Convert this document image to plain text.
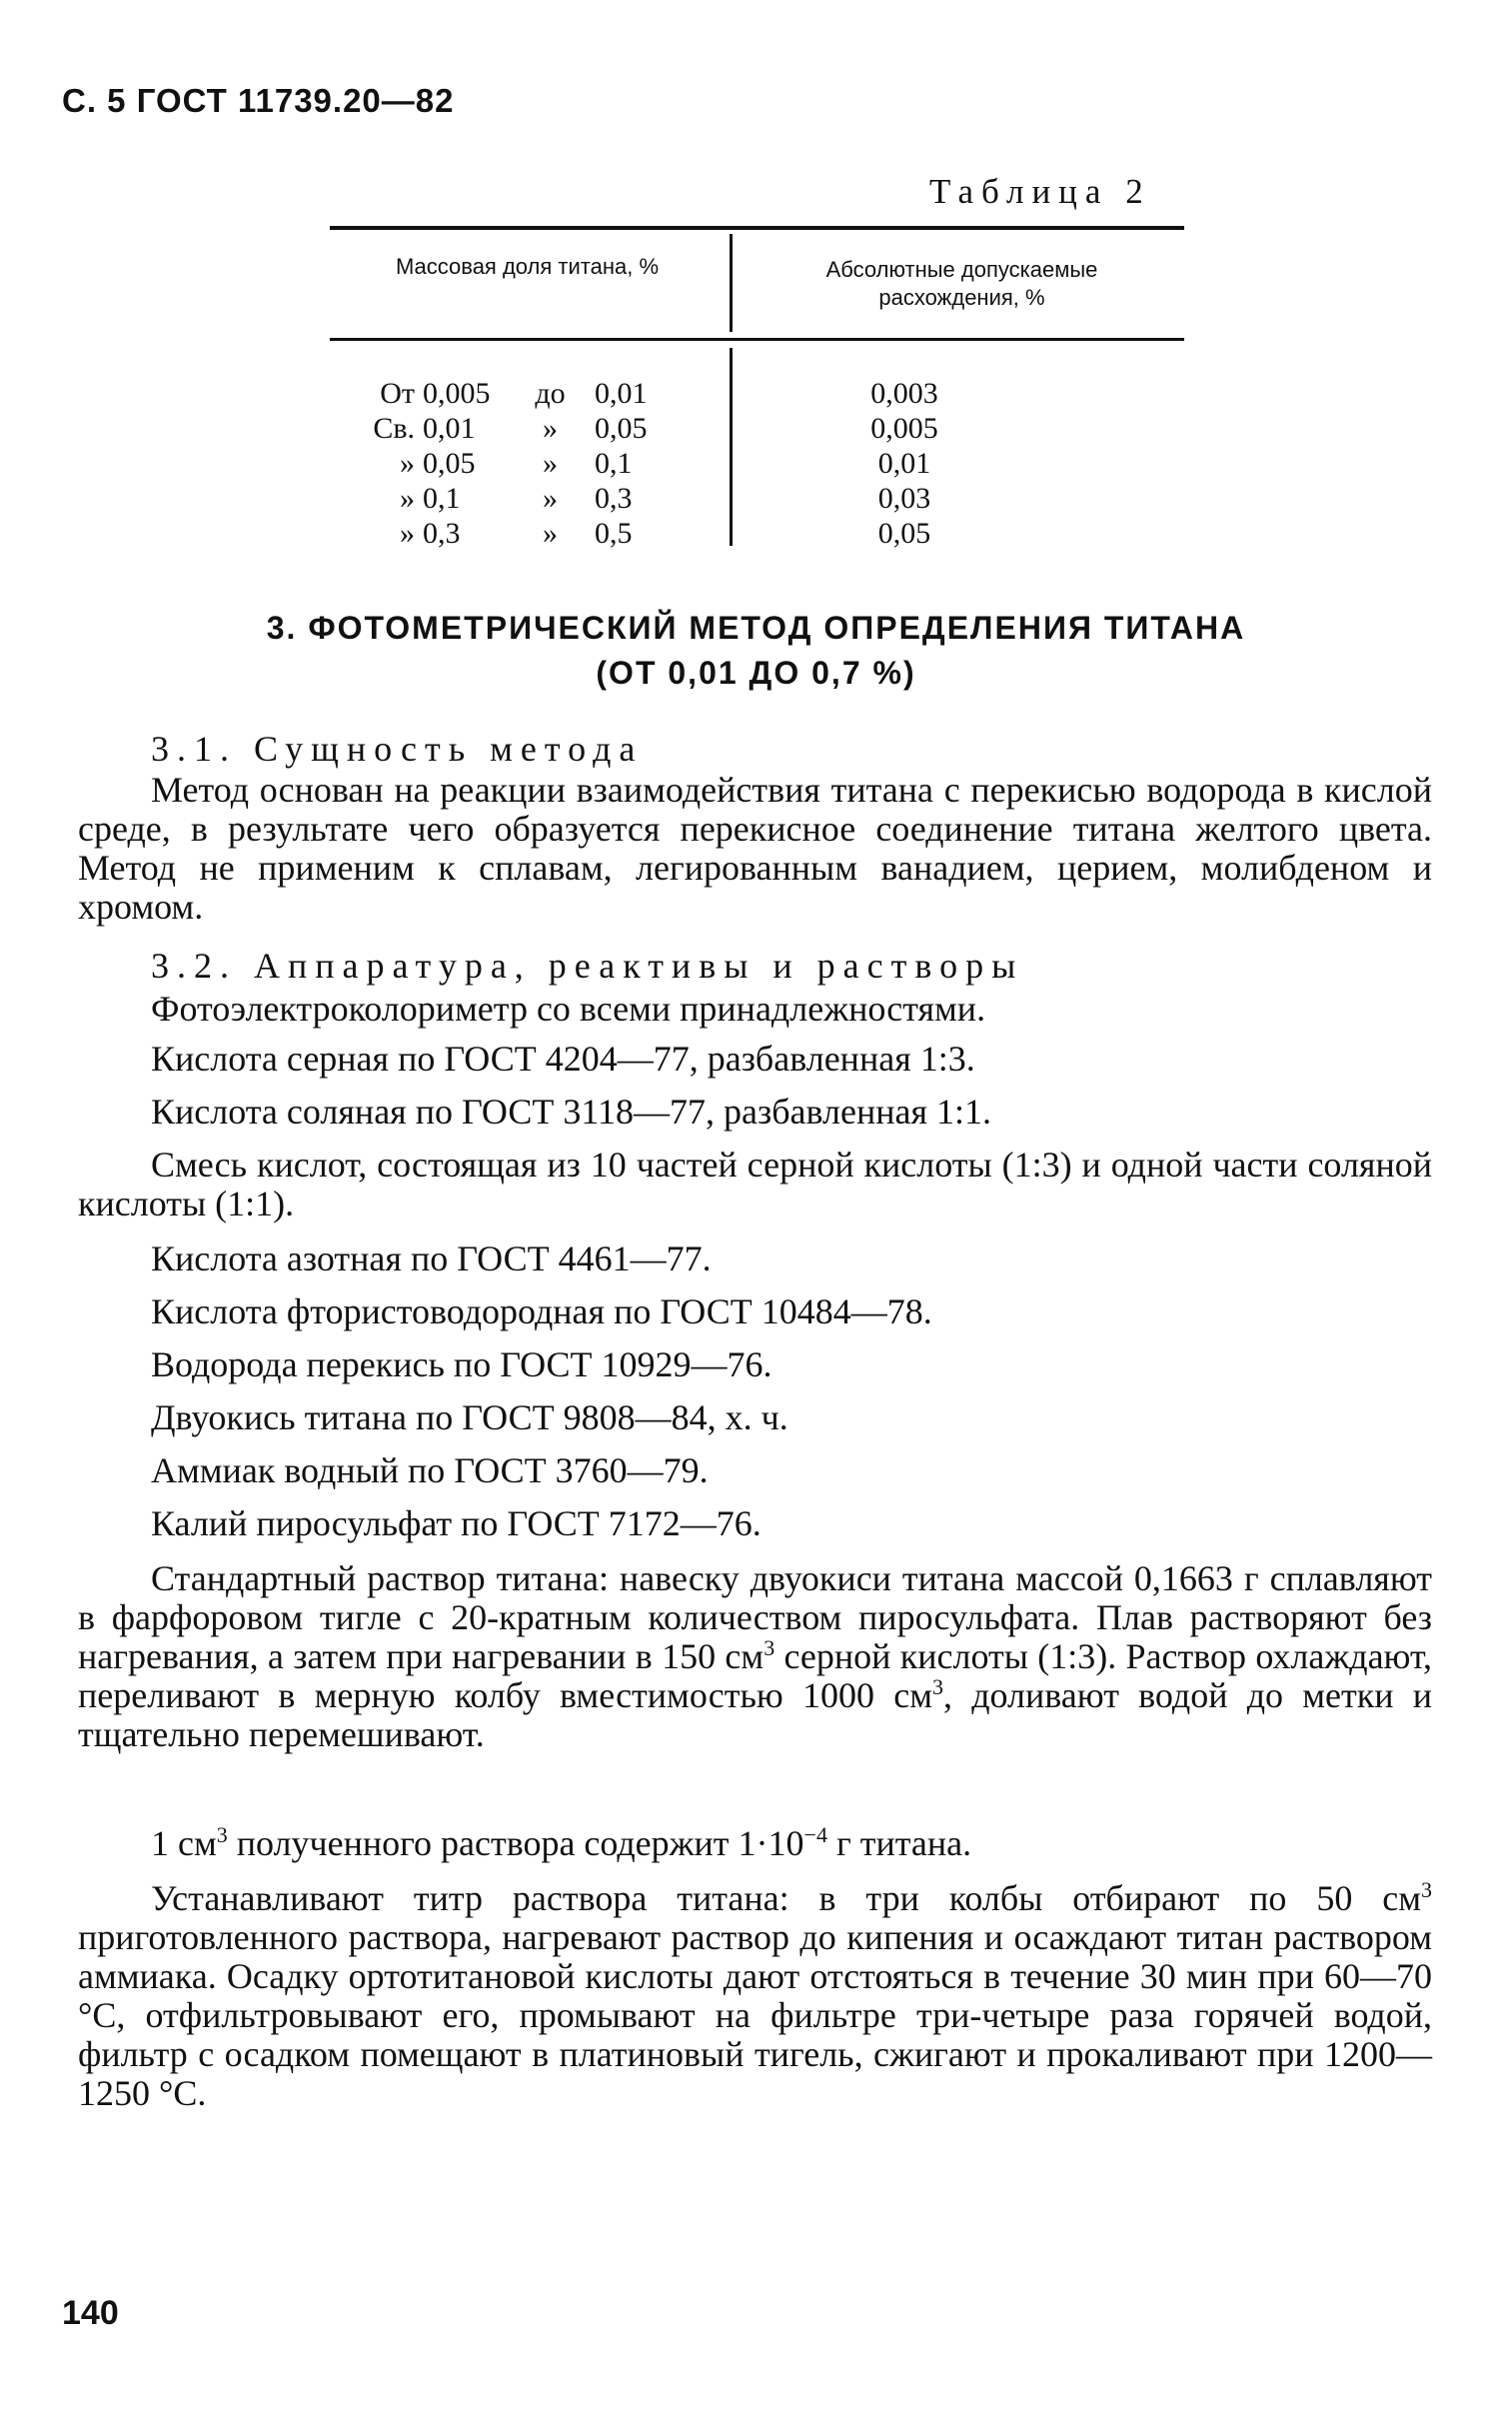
С. 5 ГОСТ 11739.20—82
Таблица 2
Массовая доля титана, %	Абсолютные допускаемые
расхождения, %
От 0,005	до 0,01	0,003
Св. 0,01	»	0,05	0,005
» 0,05	»	0,1	0,01
» 0,1	»	0,3	0,03
» 0,3	»	0,5	0,05
3. ФОТОМЕТРИЧЕСКИЙ МЕТОД ОПРЕДЕЛЕНИЯ ТИТАНА
(ОТ 0,01 ДО 0,7 %)
3.1. Сущность метода
Метод основан на реакции взаимодействия титана с перекисью водорода в кислой среде, в результате чего образуется перекисное соединение титана желтого цвета. Метод не применим к сплавам, легированным ванадием, церием, молибденом и хромом.
3.2. Аппаратура, реактивы и растворы
Фотоэлектроколориметр со всеми принадлежностями.
Кислота серная по ГОСТ 4204—77, разбавленная 1:3.
Кислота соляная по ГОСТ 3118—77, разбавленная 1:1.
Смесь кислот, состоящая из 10 частей серной кислоты (1:3) и одной части соляной кислоты (1:1).
Кислота азотная по ГОСТ 4461—77.
Кислота фтористоводородная по ГОСТ 10484—78.
Водорода перекись по ГОСТ 10929—76.
Двуокись титана по ГОСТ 9808—84, х. ч.
Аммиак водный по ГОСТ 3760—79.
Калий пиросульфат по ГОСТ 7172—76.
Стандартный раствор титана: навеску двуокиси титана массой 0,1663 г сплавляют в фарфоровом тигле с 20-кратным количеством пиросульфата. Плав растворяют без нагревания, а затем при нагревании в 150 $см^3$ серной кислоты (1:3). Раствор охлаждают, переливают в мерную колбу вместимостью 1000 $см^3$, доливают водой до метки и тщательно перемешивают.
1 $см^3$ полученного раствора содержит $1\cdot 10^{-4}$ г титана.
Устанавливают титр раствора титана: в три колбы отбирают по 50 $см^3$ приготовленного раствора, нагревают раствор до кипения и осаждают титан раствором аммиака. Осадку ортотитановой кислоты дают отстояться в течение 30 мин при 60—70 °C, отфильтровывают его, промывают на фильтре три-четыре раза горячей водой, фильтр с осадком помещают в платиновый тигель, сжигают и прокаливают при 1200—1250 °C.
140
